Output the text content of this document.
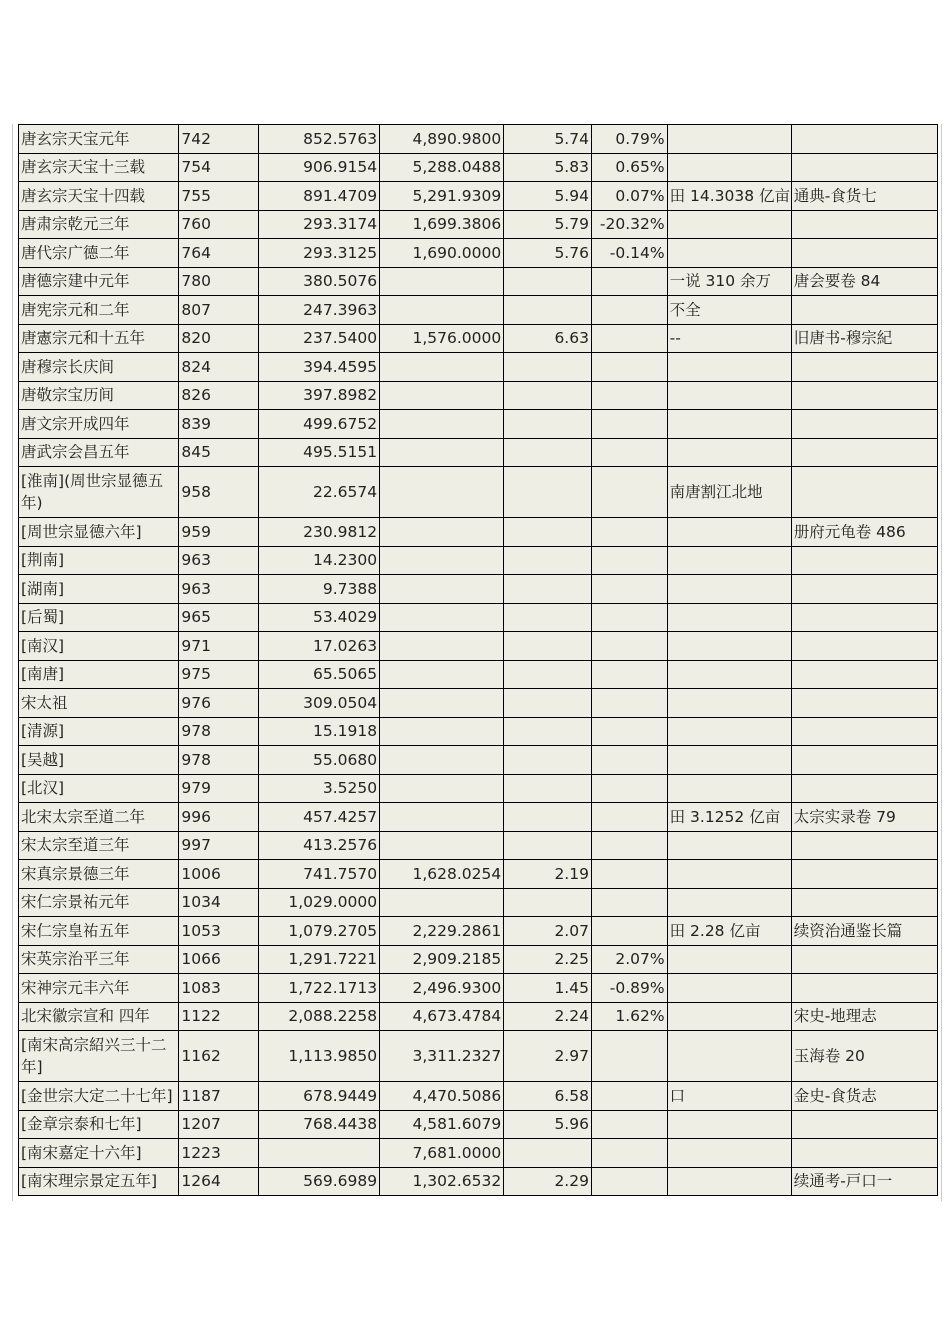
唐玄宗天宝元年	742	852.5763	4,890.9800	5.74	0.79%		
唐玄宗天宝十三载	754	906.9154	5,288.0488	5.83	0.65%		
唐玄宗天宝十四载	755	891.4709	5,291.9309	5.94	0.07%	田 14.3038 亿亩	通典-食货七
唐肃宗乾元三年	760	293.3174	1,699.3806	5.79	-20.32%		
唐代宗广德二年	764	293.3125	1,690.0000	5.76	-0.14%		
唐德宗建中元年	780	380.5076				一说 310 余万	唐会要卷 84
唐宪宗元和二年	807	247.3963				不全	
唐憲宗元和十五年	820	237.5400	1,576.0000	6.63		--	旧唐书-穆宗紀
唐穆宗长庆间	824	394.4595					
唐敬宗宝历间	826	397.8982					
唐文宗开成四年	839	499.6752					
唐武宗会昌五年	845	495.5151					
[淮南](周世宗显德五年)	958	22.6574				南唐割江北地	
[周世宗显德六年]	959	230.9812					册府元龟卷 486
[荆南]	963	14.2300					
[湖南]	963	9.7388					
[后蜀]	965	53.4029					
[南汉]	971	17.0263					
[南唐]	975	65.5065					
宋太祖	976	309.0504					
[清源]	978	15.1918					
[吴越]	978	55.0680					
[北汉]	979	3.5250					
北宋太宗至道二年	996	457.4257				田 3.1252 亿亩	太宗实录卷 79
宋太宗至道三年	997	413.2576					
宋真宗景德三年	1006	741.7570	1,628.0254	2.19			
宋仁宗景祐元年	1034	1,029.0000					
宋仁宗皇祐五年	1053	1,079.2705	2,229.2861	2.07		田 2.28 亿亩	续资治通鉴长篇
宋英宗治平三年	1066	1,291.7221	2,909.2185	2.25	2.07%		
宋神宗元丰六年	1083	1,722.1713	2,496.9300	1.45	-0.89%		
北宋徽宗宣和 四年	1122	2,088.2258	4,673.4784	2.24	1.62%		宋史-地理志
[南宋高宗紹兴三十二年]	1162	1,113.9850	3,311.2327	2.97			玉海卷 20
[金世宗大定二十七年]	1187	678.9449	4,470.5086	6.58		口	金史-食货志
[金章宗泰和七年]	1207	768.4438	4,581.6079	5.96			
[南宋嘉定十六年]	1223		7,681.0000				
[南宋理宗景定五年]	1264	569.6989	1,302.6532	2.29			续通考-戸口一
